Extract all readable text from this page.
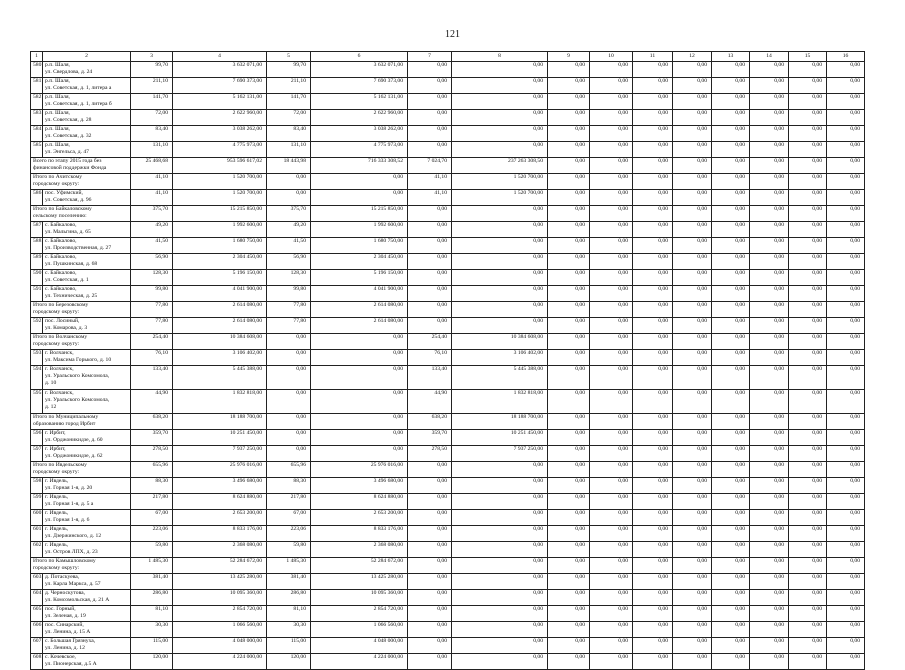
121
1	2	3	4	5	6	7	8	9	10	11	12	13	14	15	16
580	р.п. Шаля,
ул. Свердлова, д. 24	99,70	3 632 071,00	99,70	3 632 071,00	0,00	0,00	0,00	0,00	0,00	0,00	0,00	0,00	0,00	0,00
581	р.п. Шаля,
ул. Советская, д. 1, литера а	211,10	7 690 373,00	211,10	7 690 373,00	0,00	0,00	0,00	0,00	0,00	0,00	0,00	0,00	0,00	0,00
582	р.п. Шаля,
ул. Советская, д. 1, литера б	141,70	5 162 131,00	141,70	5 162 131,00	0,00	0,00	0,00	0,00	0,00	0,00	0,00	0,00	0,00	0,00
583	р.п. Шаля,
ул. Советская, д. 28	72,00	2 622 960,00	72,00	2 622 960,00	0,00	0,00	0,00	0,00	0,00	0,00	0,00	0,00	0,00	0,00
584	р.п. Шаля,
ул. Советская, д. 32	83,40	3 038 262,00	83,40	3 038 262,00	0,00	0,00	0,00	0,00	0,00	0,00	0,00	0,00	0,00	0,00
585	р.п. Шаля,
ул. Энгельса, д. 47	131,10	4 775 973,00	131,10	4 775 973,00	0,00	0,00	0,00	0,00	0,00	0,00	0,00	0,00	0,00	0,00

Всего по этапу 2015 года без
финансовой поддержки Фонда		25 468,68	953 596 617,02	18 443,98	716 333 308,52	7 024,70	237 263 308,50	0,00	0,00	0,00	0,00	0,00	0,00	0,00	0,00

Итого по Ачитскому
городскому округу:		41,10	1 520 700,00	0,00	0,00	41,10	1 520 700,00	0,00	0,00	0,00	0,00	0,00	0,00	0,00	0,00
586	пос. Уфимский,
ул. Советская, д. 96	41,10	1 520 700,00	0,00	0,00	41,10	1 520 700,00	0,00	0,00	0,00	0,00	0,00	0,00	0,00	0,00

Итого по Байкаловскому
сельскому поселению:		375,70	15 215 850,00	375,70	15 215 850,00	0,00	0,00	0,00	0,00	0,00	0,00	0,00	0,00	0,00	0,00
587	с. Байкалово,
ул. Мальгина, д. 65	49,20	1 992 600,00	49,20	1 992 600,00	0,00	0,00	0,00	0,00	0,00	0,00	0,00	0,00	0,00	0,00
588	с. Байкалово,
ул. Производственная, д. 27	41,50	1 680 750,00	41,50	1 680 750,00	0,00	0,00	0,00	0,00	0,00	0,00	0,00	0,00	0,00	0,00
589	с. Байкалово,
ул. Пушкинская, д. 68	56,90	2 304 450,00	56,90	2 304 450,00	0,00	0,00	0,00	0,00	0,00	0,00	0,00	0,00	0,00	0,00
590	с. Байкалово,
ул. Советская, д. 1	128,30	5 196 150,00	128,30	5 196 150,00	0,00	0,00	0,00	0,00	0,00	0,00	0,00	0,00	0,00	0,00
591	с. Байкалово,
ул. Техническая, д. 25	99,80	4 041 900,00	99,80	4 041 900,00	0,00	0,00	0,00	0,00	0,00	0,00	0,00	0,00	0,00	0,00

Итого по Березовскому
городскому округу:		77,80	2 614 080,00	77,80	2 614 080,00	0,00	0,00	0,00	0,00	0,00	0,00	0,00	0,00	0,00	0,00
592	пос. Лосиный,
ул. Комарова, д. 3	77,80	2 614 080,00	77,80	2 614 080,00	0,00	0,00	0,00	0,00	0,00	0,00	0,00	0,00	0,00	0,00

Итого по Волчанскому
городскому округу:		254,40	10 384 608,00	0,00	0,00	254,40	10 384 608,00	0,00	0,00	0,00	0,00	0,00	0,00	0,00	0,00
593	г. Волчанск,
ул. Максима Горького, д. 10	76,10	3 106 402,00	0,00	0,00	76,10	3 106 402,00	0,00	0,00	0,00	0,00	0,00	0,00	0,00	0,00
594	г. Волчанск,
ул. Уральского Комсомола,
д. 10	133,40	5 445 388,00	0,00	0,00	133,40	5 445 388,00	0,00	0,00	0,00	0,00	0,00	0,00	0,00	0,00
595	г. Волчанск,
ул. Уральского Комсомола,
д. 12	44,90	1 832 818,00	0,00	0,00	44,90	1 832 818,00	0,00	0,00	0,00	0,00	0,00	0,00	0,00	0,00

Итого по Муниципальному
образованию город Ирбит		638,20	18 188 700,00	0,00	0,00	638,20	18 188 700,00	0,00	0,00	0,00	0,00	0,00	0,00	0,00	0,00
596	г. Ирбит,
ул. Орджоникидзе, д. 60	359,70	10 251 450,00	0,00	0,00	359,70	10 251 450,00	0,00	0,00	0,00	0,00	0,00	0,00	0,00	0,00
597	г. Ирбит,
ул. Орджоникидзе, д. 62	278,50	7 937 250,00	0,00	0,00	278,50	7 937 250,00	0,00	0,00	0,00	0,00	0,00	0,00	0,00	0,00

Итого по Ивдельскому
городскому округу:		655,96	25 976 016,00	655,96	25 976 016,00	0,00	0,00	0,00	0,00	0,00	0,00	0,00	0,00	0,00	0,00
598	г. Ивдель,
ул. Горная 1-я, д. 20	88,30	3 496 680,00	88,30	3 496 680,00	0,00	0,00	0,00	0,00	0,00	0,00	0,00	0,00	0,00	0,00
599	г. Ивдель,
ул. Горная 1-я, д. 5 а	217,80	8 624 880,00	217,80	8 624 880,00	0,00	0,00	0,00	0,00	0,00	0,00	0,00	0,00	0,00	0,00
600	г. Ивдель,
ул. Горная 1-я, д. 6	67,00	2 653 200,00	67,00	2 653 200,00	0,00	0,00	0,00	0,00	0,00	0,00	0,00	0,00	0,00	0,00
601	г. Ивдель,
ул. Дзержинского, д. 12	223,06	8 833 176,00	223,06	8 833 176,00	0,00	0,00	0,00	0,00	0,00	0,00	0,00	0,00	0,00	0,00
602	г. Ивдель,
ул. Остров ЛПХ, д. 23	59,80	2 368 080,00	59,80	2 368 080,00	0,00	0,00	0,00	0,00	0,00	0,00	0,00	0,00	0,00	0,00

Итого по Камышловскому
городскому округу:		1 485,30	52 284 672,00	1 485,30	52 284 672,00	0,00	0,00	0,00	0,00	0,00	0,00	0,00	0,00	0,00	0,00
603	д. Потаскуева,
ул. Карла Маркса, д. 57	381,40	13 425 280,00	381,40	13 425 280,00	0,00	0,00	0,00	0,00	0,00	0,00	0,00	0,00	0,00	0,00
604	д. Черноскутова,
ул. Комсомольская, д. 21 А	286,80	10 095 360,00	286,80	10 095 360,00	0,00	0,00	0,00	0,00	0,00	0,00	0,00	0,00	0,00	0,00
605	пос. Горный,
ул. Зеленая, д. 19	81,10	2 854 720,00	81,10	2 854 720,00	0,00	0,00	0,00	0,00	0,00	0,00	0,00	0,00	0,00	0,00
606	пос. Синарский,
ул. Ленина, д. 15 А	30,30	1 066 560,00	30,30	1 066 560,00	0,00	0,00	0,00	0,00	0,00	0,00	0,00	0,00	0,00	0,00
607	с. Большая Грязнуха,
ул. Ленина, д. 12	115,00	4 048 000,00	115,00	4 048 000,00	0,00	0,00	0,00	0,00	0,00	0,00	0,00	0,00	0,00	0,00
608	с. Кочевское,
ул. Пионерская, д.5 А	120,00	4 224 000,00	120,00	4 224 000,00	0,00	0,00	0,00	0,00	0,00	0,00	0,00	0,00	0,00	0,00
